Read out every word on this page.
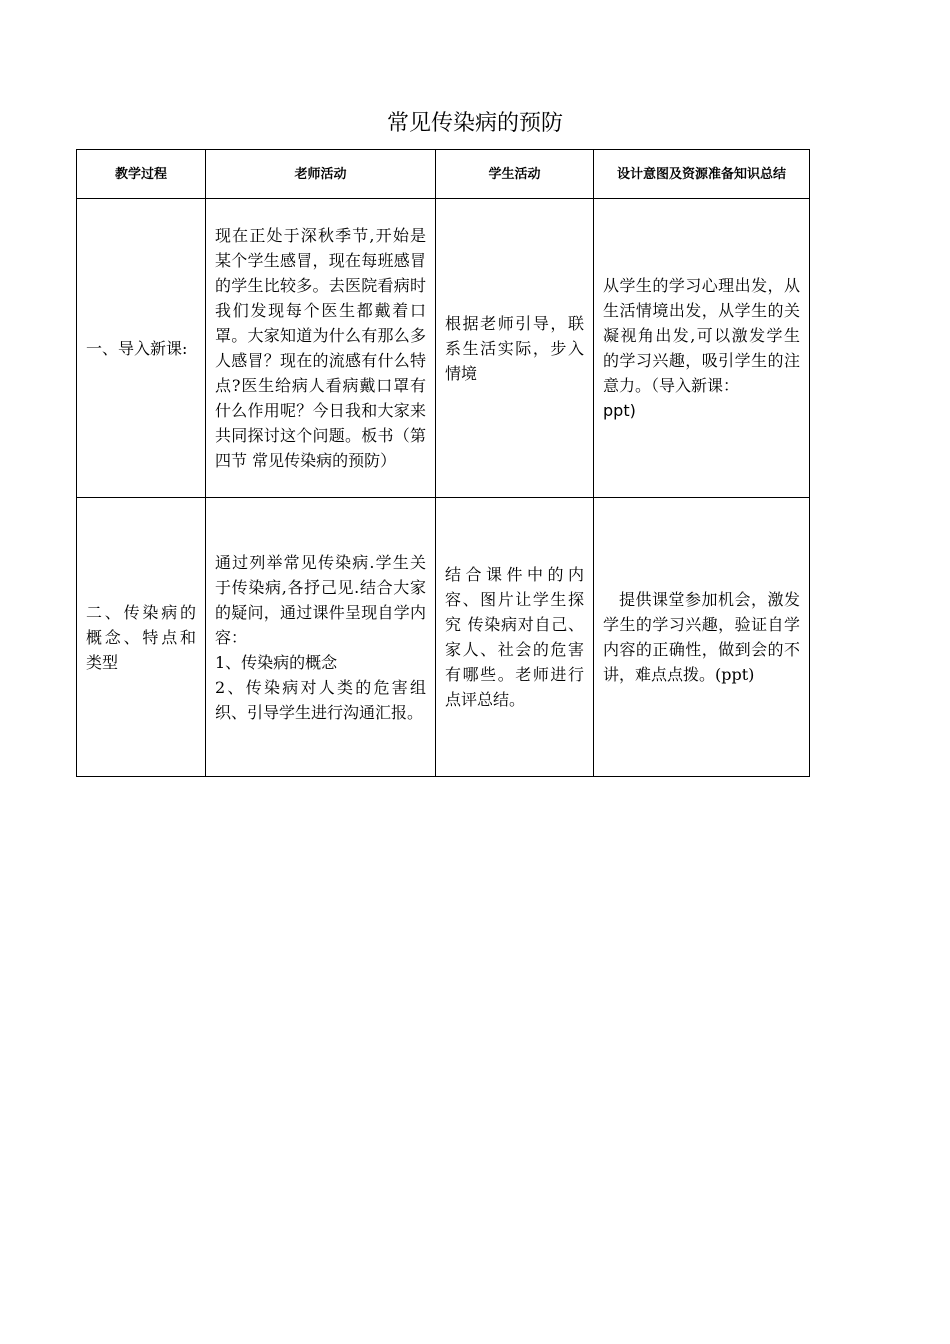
常见传染病的预防
教学过程	老师活动	学生活动	设计意图及资源准备知识总结
一、导入新课:	现在正处于深秋季节,开始是某个学生感冒，现在每班感冒的学生比较多。去医院看病时我们发现每个医生都戴着口罩。大家知道为什么有那么多人感冒？现在的流感有什么特点?医生给病人看病戴口罩有什么作用呢？今日我和大家来共同探讨这个问题。板书（第四节 常见传染病的预防）	根据老师引导，联系生活实际，步入情境	从学生的学习心理出发，从生活情境出发，从学生的关凝视角出发,可以激发学生的学习兴趣，吸引学生的注意力。（导入新课：
ppt)
二、传染病的概念、特点和类型	通过列举常见传染病.学生关于传染病,各抒己见.结合大家的疑问，通过课件呈现自学内容：

1、传染病的概念

2、传染病对人类的危害组织、引导学生进行沟通汇报。	结合课件中的内容、图片让学生探究 传染病对自己、家人、社会的危害有哪些。老师进行点评总结。	提供课堂参加机会，激发学生的学习兴趣，验证自学内容的正确性，做到会的不讲，难点点拨。(ppt)
